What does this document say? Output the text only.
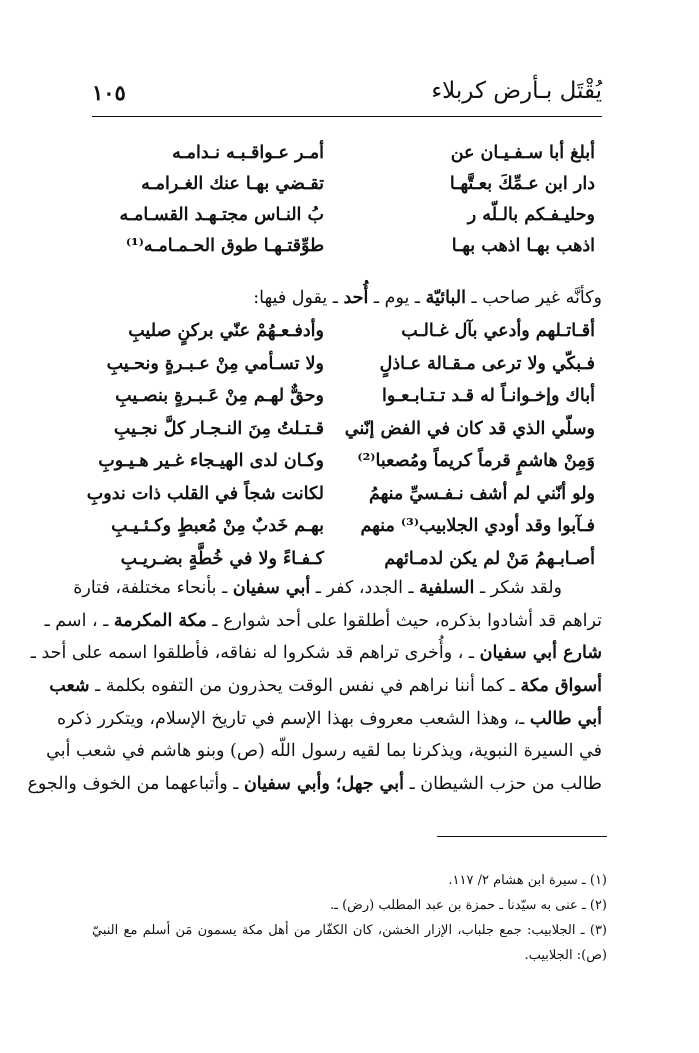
يُقْتَل بـأرض كربلاء
١٠٥
أبلغ أبا سـفـيـان عن
أمـر عـواقـبـه نـدامـه
دار ابن عـمِّكَ بعـتَّهـا
تقـضي بهـا عنك الغـرامـه
وحليـفـكم بالـلّه ر
بُ النـاس مجتـهـد القسـامـه
اذهب بهـا اذهب بهـا
طوِّقتـهـا طوق الحـمـامـه⁽¹⁾
وكأنَّه غير صاحب ـ البائيّة ـ يوم ـ أُحد ـ يقول فيها:
أقـاتـلهم وأدعي بآل غـالـب
وأدفـعـهُمْ عنّي بركنٍ صليبِ
فـبكّي ولا ترعى مـقـالة عـاذلٍ
ولا تسـأمي مِنْ عـبـرةٍ ونحـيبِ
أباك وإخـوانـاً له قـد تـتـابـعـوا
وحقٌّ لهـم مِنْ عَـبـرةٍ بنصـيبِ
وسلّي الذي قد كان في الفض إنّني
قـتـلتُ مِنَ النـجـار كلَّ نجـيبِ
وَمِنْ هاشمٍ قرماً كريماً ومُصعبا⁽²⁾
وكـان لدى الهيـجاء غـير هـيـوبِ
ولو أنّني لم أشف نـفـسيِّ منهمُ
لكانت شجاً في القلب ذات ندوبِ
فـآبوا وقد أودي الجلابيب⁽³⁾ منهم
بهـم خَدبٌ مِنْ مُعبطٍ وكـئـيـبِ
أصـابـهمُ مَنْ لم يكن لدمـائهم
كـفـاءً ولا في خُطَّةٍ بضـريـبِ
ولقد شكر ـ السلفية ـ الجدد، كفر ـ أبي سفيان ـ بأنحاء مختلفة، فتارة
تراهم قد أشادوا بذكره، حيث أطلقوا على أحد شوارع ـ مكة المكرمة ـ ، اسم ـ
شارع أبي سفيان ـ ، وأُخرى تراهم قد شكروا له نفاقه، فأطلقوا اسمه على أحد ـ
أسواق مكة ـ كما أننا نراهم في نفس الوقت يحذرون من التفوه بكلمة ـ شعب
أبي طالب ـ، وهذا الشعب معروف بهذا الإسم في تاريخ الإسلام، ويتكرر ذكره
في السيرة النبوية، ويذكرنا بما لقيه رسول اللّه (ص) وبنو هاشم في شعب أبي
طالب من حزب الشيطان ـ أبي جهل؛ وأبي سفيان ـ وأتباعهما من الخوف والجوع
(١) ـ سيرة ابن هشام ٢/ ١١٧.
(٢) ـ عنى به سيّدنا ـ حمزة بن عبد المطلب (رض) ـ.
(٣) ـ الجلابيب: جمع جلباب، الإزار الخشن، كان الكفّار من أهل مكة يسمون مَن أسلم مع النبيّ (ص): الجلابيب.
